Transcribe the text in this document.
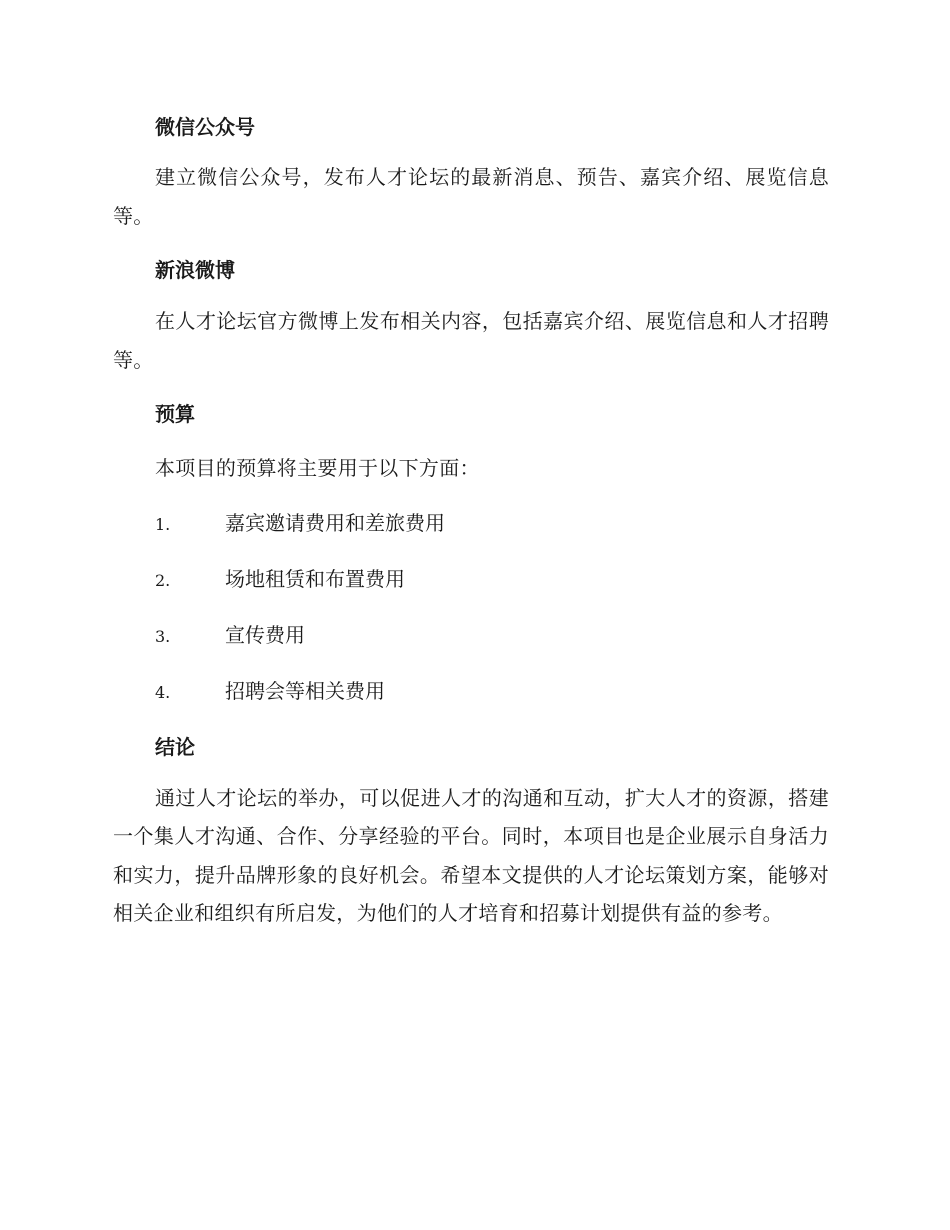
微信公众号

建立微信公众号，发布人才论坛的最新消息、预告、嘉宾介绍、展览信息等。

新浪微博

在人才论坛官方微博上发布相关内容，包括嘉宾介绍、展览信息和人才招聘等。

预算

本项目的预算将主要用于以下方面：

1.	嘉宾邀请费用和差旅费用
2.	场地租赁和布置费用
3.	宣传费用
4.	招聘会等相关费用
结论

通过人才论坛的举办，可以促进人才的沟通和互动，扩大人才的资源，搭建一个集人才沟通、合作、分享经验的平台。同时，本项目也是企业展示自身活力和实力，提升品牌形象的良好机会。希望本文提供的人才论坛策划方案，能够对相关企业和组织有所启发，为他们的人才培育和招募计划提供有益的参考。
